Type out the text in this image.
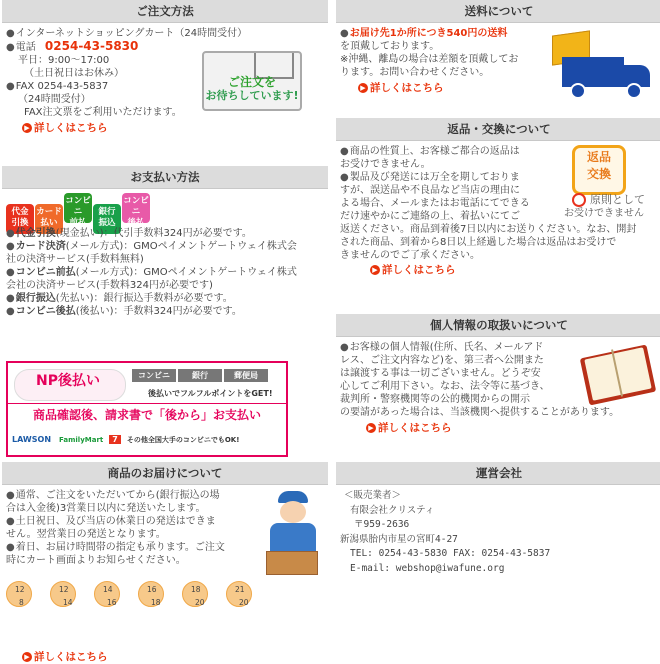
ご注文方法
● インターネットショッピングカート（24時間受付）
● 電話 0254-43-5830
平日：9:00〜17:00
（土日祝日はお休み）
● FAX 0254-43-5837
（24時間受付）
FAX注文票をご利用いただけます。
▶ 詳しくはこちら
ご注文を
お待ちしています!
お支払い方法
代金
引換カード
払いコンビニ
前払銀行
振込コンビニ
後払
● 代金引換(現金払い)：代引手数料324円が必要です。
● カード決済(メール方式)：GMOペイメントゲートウェイ株式会
社の決済サービス(手数料無料)
● コンビニ前払(メール方式)：GMOペイメントゲートウェイ株式
会社の決済サービス(手数料324円が必要です)
● 銀行振込(先払い)：銀行振込手数料が必要です。
● コンビニ後払(後払い)：手数料324円が必要です。
NP後払い	コンビニ	銀行	郵便局
後払いでフルフルポイントをGET!
商品確認後、請求書で「後から」お支払い
LAWSON FamilyMart 7 その他全国大手のコンビニでもOK!
商品のお届けについて
● 通常、ご注文をいただいてから(銀行振込の場
合は入金後)3営業日以内に発送いたします。
● 土日祝日、及び当店の休業日の発送はできま
せん。翌営業日の発送となります。
● 着日、お届け時間帯の指定も承ります。ご注文
時にカート画面よりお知らせください。
12
8
12
14
14
16
16
18
18
20
21
20
▶ 詳しくはこちら
送料について
● お届け先1か所につき540円の送料
を頂戴しております。
※沖縄、離島の場合は差額を頂戴してお
ります。お問い合わせください。
▶ 詳しくはこちら
返品・交換について
● 商品の性質上、お客様ご都合の返品は
お受けできません。
● 製品及び発送には万全を期しておりま
すが、誤送品や不良品など当店の理由に
よる場合、メールまたはお電話にてできる
だけ速やかにご連絡の上、着払いにてご
返送ください。商品到着後7日以内にお送りください。なお、開封
された商品、到着から8日以上経過した場合は返品はお受けで
きませんのでご了承ください。
▶ 詳しくはこちら
返品
交換
原則として
お受けできません
個人情報の取扱いについて
● お客様の個人情報(住所、氏名、メールアド
レス、ご注文内容など)を、第三者へ公開また
は譲渡する事は一切ございません。どうぞ安
心してご利用下さい。なお、法令等に基づき、
裁判所・警察機関等の公的機関からの開示
の要請があった場合は、当該機関へ提供することがあります。
▶ 詳しくはこちら
運営会社
＜販売業者＞
有限会社クリスティ
〒959-2636
新潟県胎内市星の宮町4-27
TEL: 0254-43-5830 FAX: 0254-43-5837
E-mail: webshop@iwafune.org
